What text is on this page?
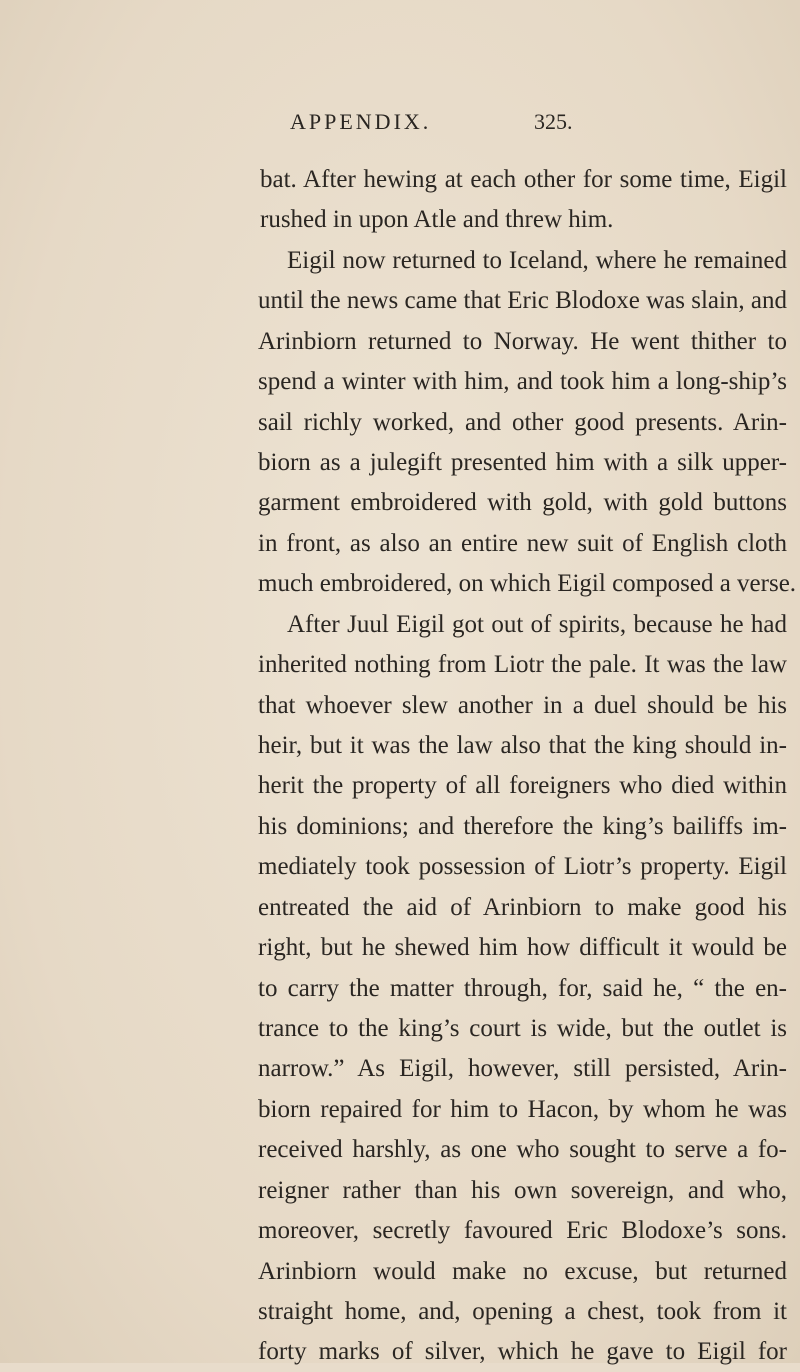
APPENDIX.	325.
bat. After hewing at each other for some time, Eigil
rushed in upon Atle and threw him.
Eigil now returned to Iceland, where he remained
until the news came that Eric Blodoxe was slain, and
Arinbiorn returned to Norway. He went thither to
spend a winter with him, and took him a long-ship’s
sail richly worked, and other good presents. Arin-
biorn as a julegift presented him with a silk upper-
garment embroidered with gold, with gold buttons
in front, as also an entire new suit of English cloth
much embroidered, on which Eigil composed a verse.
After Juul Eigil got out of spirits, because he had
inherited nothing from Liotr the pale. It was the law
that whoever slew another in a duel should be his
heir, but it was the law also that the king should in-
herit the property of all foreigners who died within
his dominions; and therefore the king’s bailiffs im-
mediately took possession of Liotr’s property. Eigil
entreated the aid of Arinbiorn to make good his
right, but he shewed him how difficult it would be
to carry the matter through, for, said he, “ the en-
trance to the king’s court is wide, but the outlet is
narrow.” As Eigil, however, still persisted, Arin-
biorn repaired for him to Hacon, by whom he was
received harshly, as one who sought to serve a fo-
reigner rather than his own sovereign, and who,
moreover, secretly favoured Eric Blodoxe’s sons.
Arinbiorn would make no excuse, but returned
straight home, and, opening a chest, took from it
forty marks of silver, which he gave to Eigil for
